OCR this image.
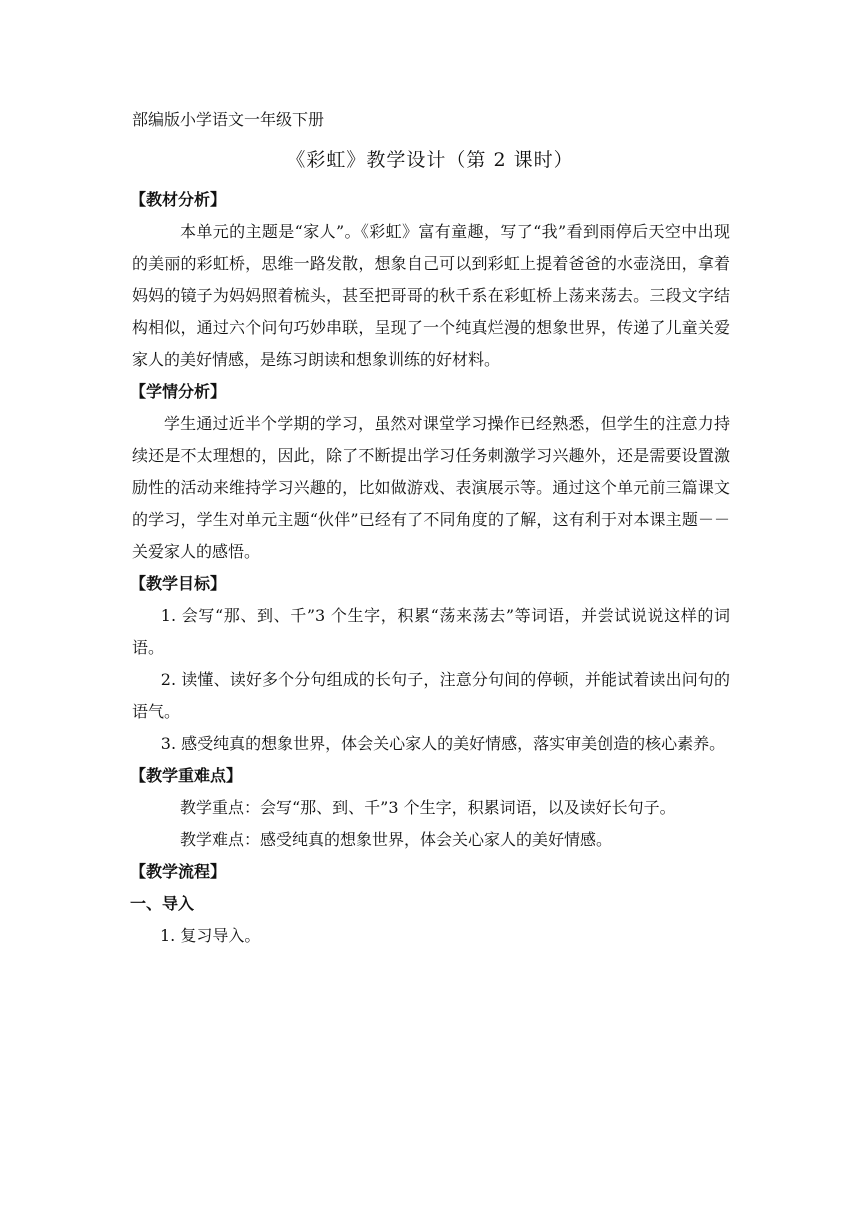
部编版小学语文一年级下册
《彩虹》教学设计（第 2 课时）
【教材分析】

本单元的主题是“家人”。《彩虹》富有童趣，写了“我”看到雨停后天空中出现的美丽的彩虹桥，思维一路发散，想象自己可以到彩虹上提着爸爸的水壶浇田，拿着妈妈的镜子为妈妈照着梳头，甚至把哥哥的秋千系在彩虹桥上荡来荡去。三段文字结构相似，通过六个问句巧妙串联，呈现了一个纯真烂漫的想象世界，传递了儿童关爱家人的美好情感，是练习朗读和想象训练的好材料。

【学情分析】

学生通过近半个学期的学习，虽然对课堂学习操作已经熟悉，但学生的注意力持续还是不太理想的，因此，除了不断提出学习任务刺激学习兴趣外，还是需要设置激励性的活动来维持学习兴趣的，比如做游戏、表演展示等。通过这个单元前三篇课文的学习，学生对单元主题“伙伴”已经有了不同角度的了解，这有利于对本课主题－－关爱家人的感悟。

【教学目标】

1. 会写“那、到、千”3 个生字，积累“荡来荡去”等词语，并尝试说说这样的词语。

2. 读懂、读好多个分句组成的长句子，注意分句间的停顿，并能试着读出问句的语气。

3. 感受纯真的想象世界，体会关心家人的美好情感，落实审美创造的核心素养。

【教学重难点】

教学重点：会写“那、到、千”3 个生字，积累词语，以及读好长句子。

教学难点：感受纯真的想象世界，体会关心家人的美好情感。

【教学流程】
一、导入
1. 复习导入。
